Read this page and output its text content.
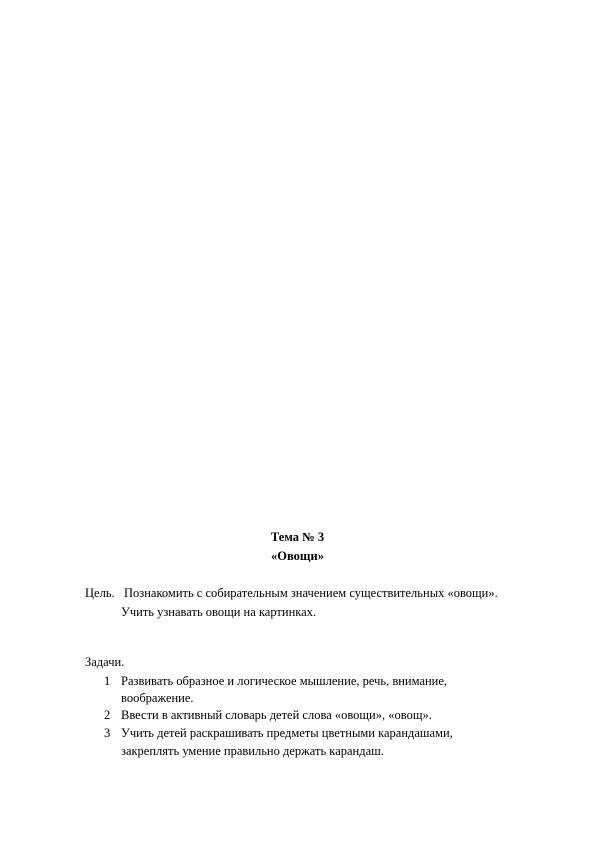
Тема № 3
«Овощи»
Цель. Познакомить с собирательным значением существительных «овощи».
Учить узнавать овощи на картинках.
Задачи.
1 Развивать образное и логическое мышление, речь, внимание,
воображение.
2 Ввести в активный словарь детей слова «овощи», «овощ».
3 Учить детей раскрашивать предметы цветными карандашами,
закреплять умение правильно держать карандаш.
